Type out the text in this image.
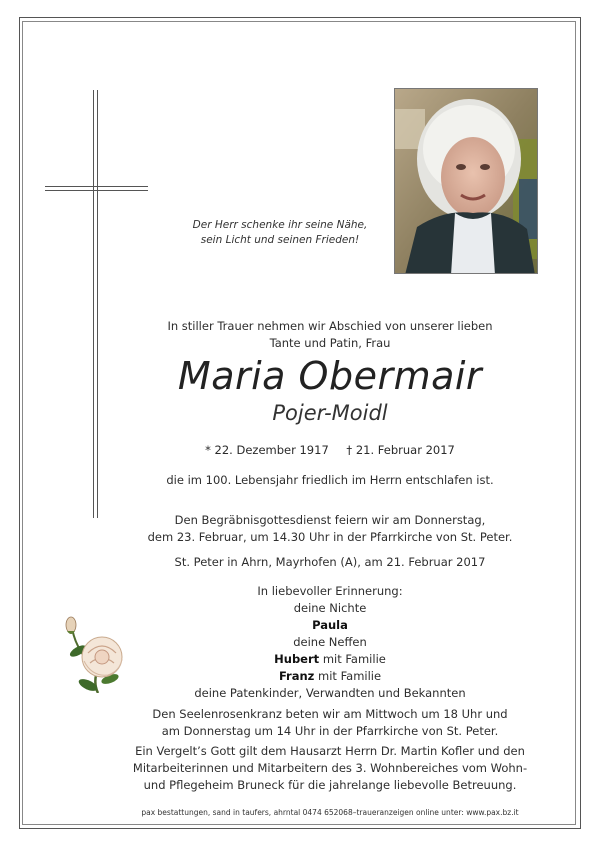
Der Herr schenke ihr seine Nähe,
sein Licht und seinen Frieden!
In stiller Trauer nehmen wir Abschied von unserer lieben
Tante und Patin, Frau
Maria Obermair
Pojer-Moidl
* 22. Dezember 1917 † 21. Februar 2017
die im 100. Lebensjahr friedlich im Herrn entschlafen ist.
Den Begräbnisgottesdienst feiern wir am Donnerstag,
dem 23. Februar, um 14.30 Uhr in der Pfarrkirche von St. Peter.
St. Peter in Ahrn, Mayrhofen (A), am 21. Februar 2017
In liebevoller Erinnerung:
deine Nichte
Paula
deine Neffen
Hubert mit Familie
Franz mit Familie
deine Patenkinder, Verwandten und Bekannten
Den Seelenrosenkranz beten wir am Mittwoch um 18 Uhr und
am Donnerstag um 14 Uhr in der Pfarrkirche von St. Peter.
Ein Vergelt’s Gott gilt dem Hausarzt Herrn Dr. Martin Kofler und den
Mitarbeiterinnen und Mitarbeitern des 3. Wohnbereiches vom Wohn-
und Pflegeheim Bruneck für die jahrelange liebevolle Betreuung.
pax bestattungen, sand in taufers, ahrntal 0474 652068–traueranzeigen online unter: www.pax.bz.it
